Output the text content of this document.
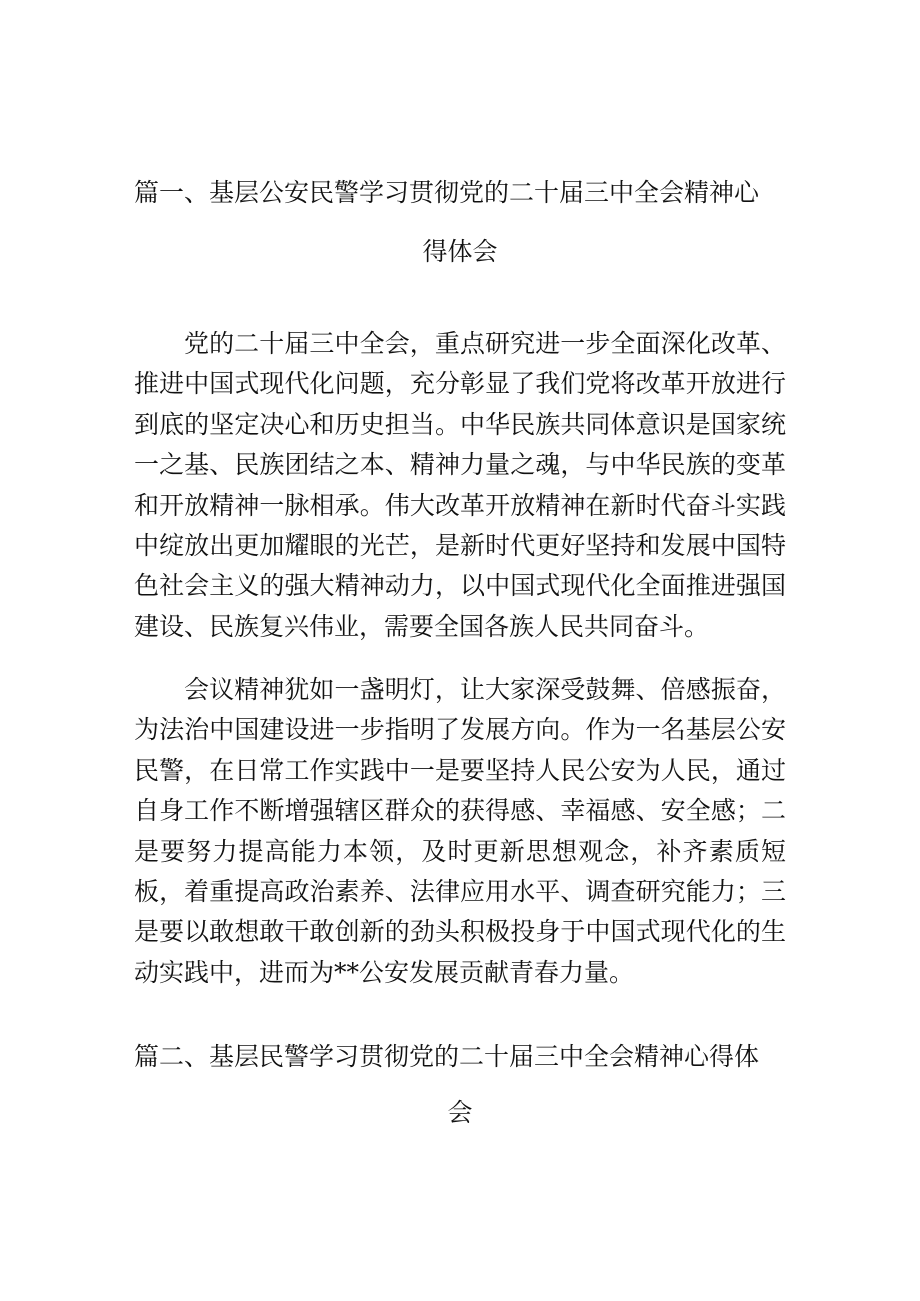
篇一、基层公安民警学习贯彻党的二十届三中全会精神心
得体会

党的二十届三中全会，重点研究进一步全面深化改革、推进中国式现代化问题，充分彰显了我们党将改革开放进行到底的坚定决心和历史担当。中华民族共同体意识是国家统一之基、民族团结之本、精神力量之魂，与中华民族的变革和开放精神一脉相承。伟大改革开放精神在新时代奋斗实践中绽放出更加耀眼的光芒，是新时代更好坚持和发展中国特色社会主义的强大精神动力，以中国式现代化全面推进强国建设、民族复兴伟业，需要全国各族人民共同奋斗。

会议精神犹如一盏明灯，让大家深受鼓舞、倍感振奋，为法治中国建设进一步指明了发展方向。作为一名基层公安民警，在日常工作实践中一是要坚持人民公安为人民，通过自身工作不断增强辖区群众的获得感、幸福感、安全感；二是要努力提高能力本领，及时更新思想观念，补齐素质短板，着重提高政治素养、法律应用水平、调查研究能力；三是要以敢想敢干敢创新的劲头积极投身于中国式现代化的生动实践中，进而为**公安发展贡献青春力量。

篇二、基层民警学习贯彻党的二十届三中全会精神心得体
会
